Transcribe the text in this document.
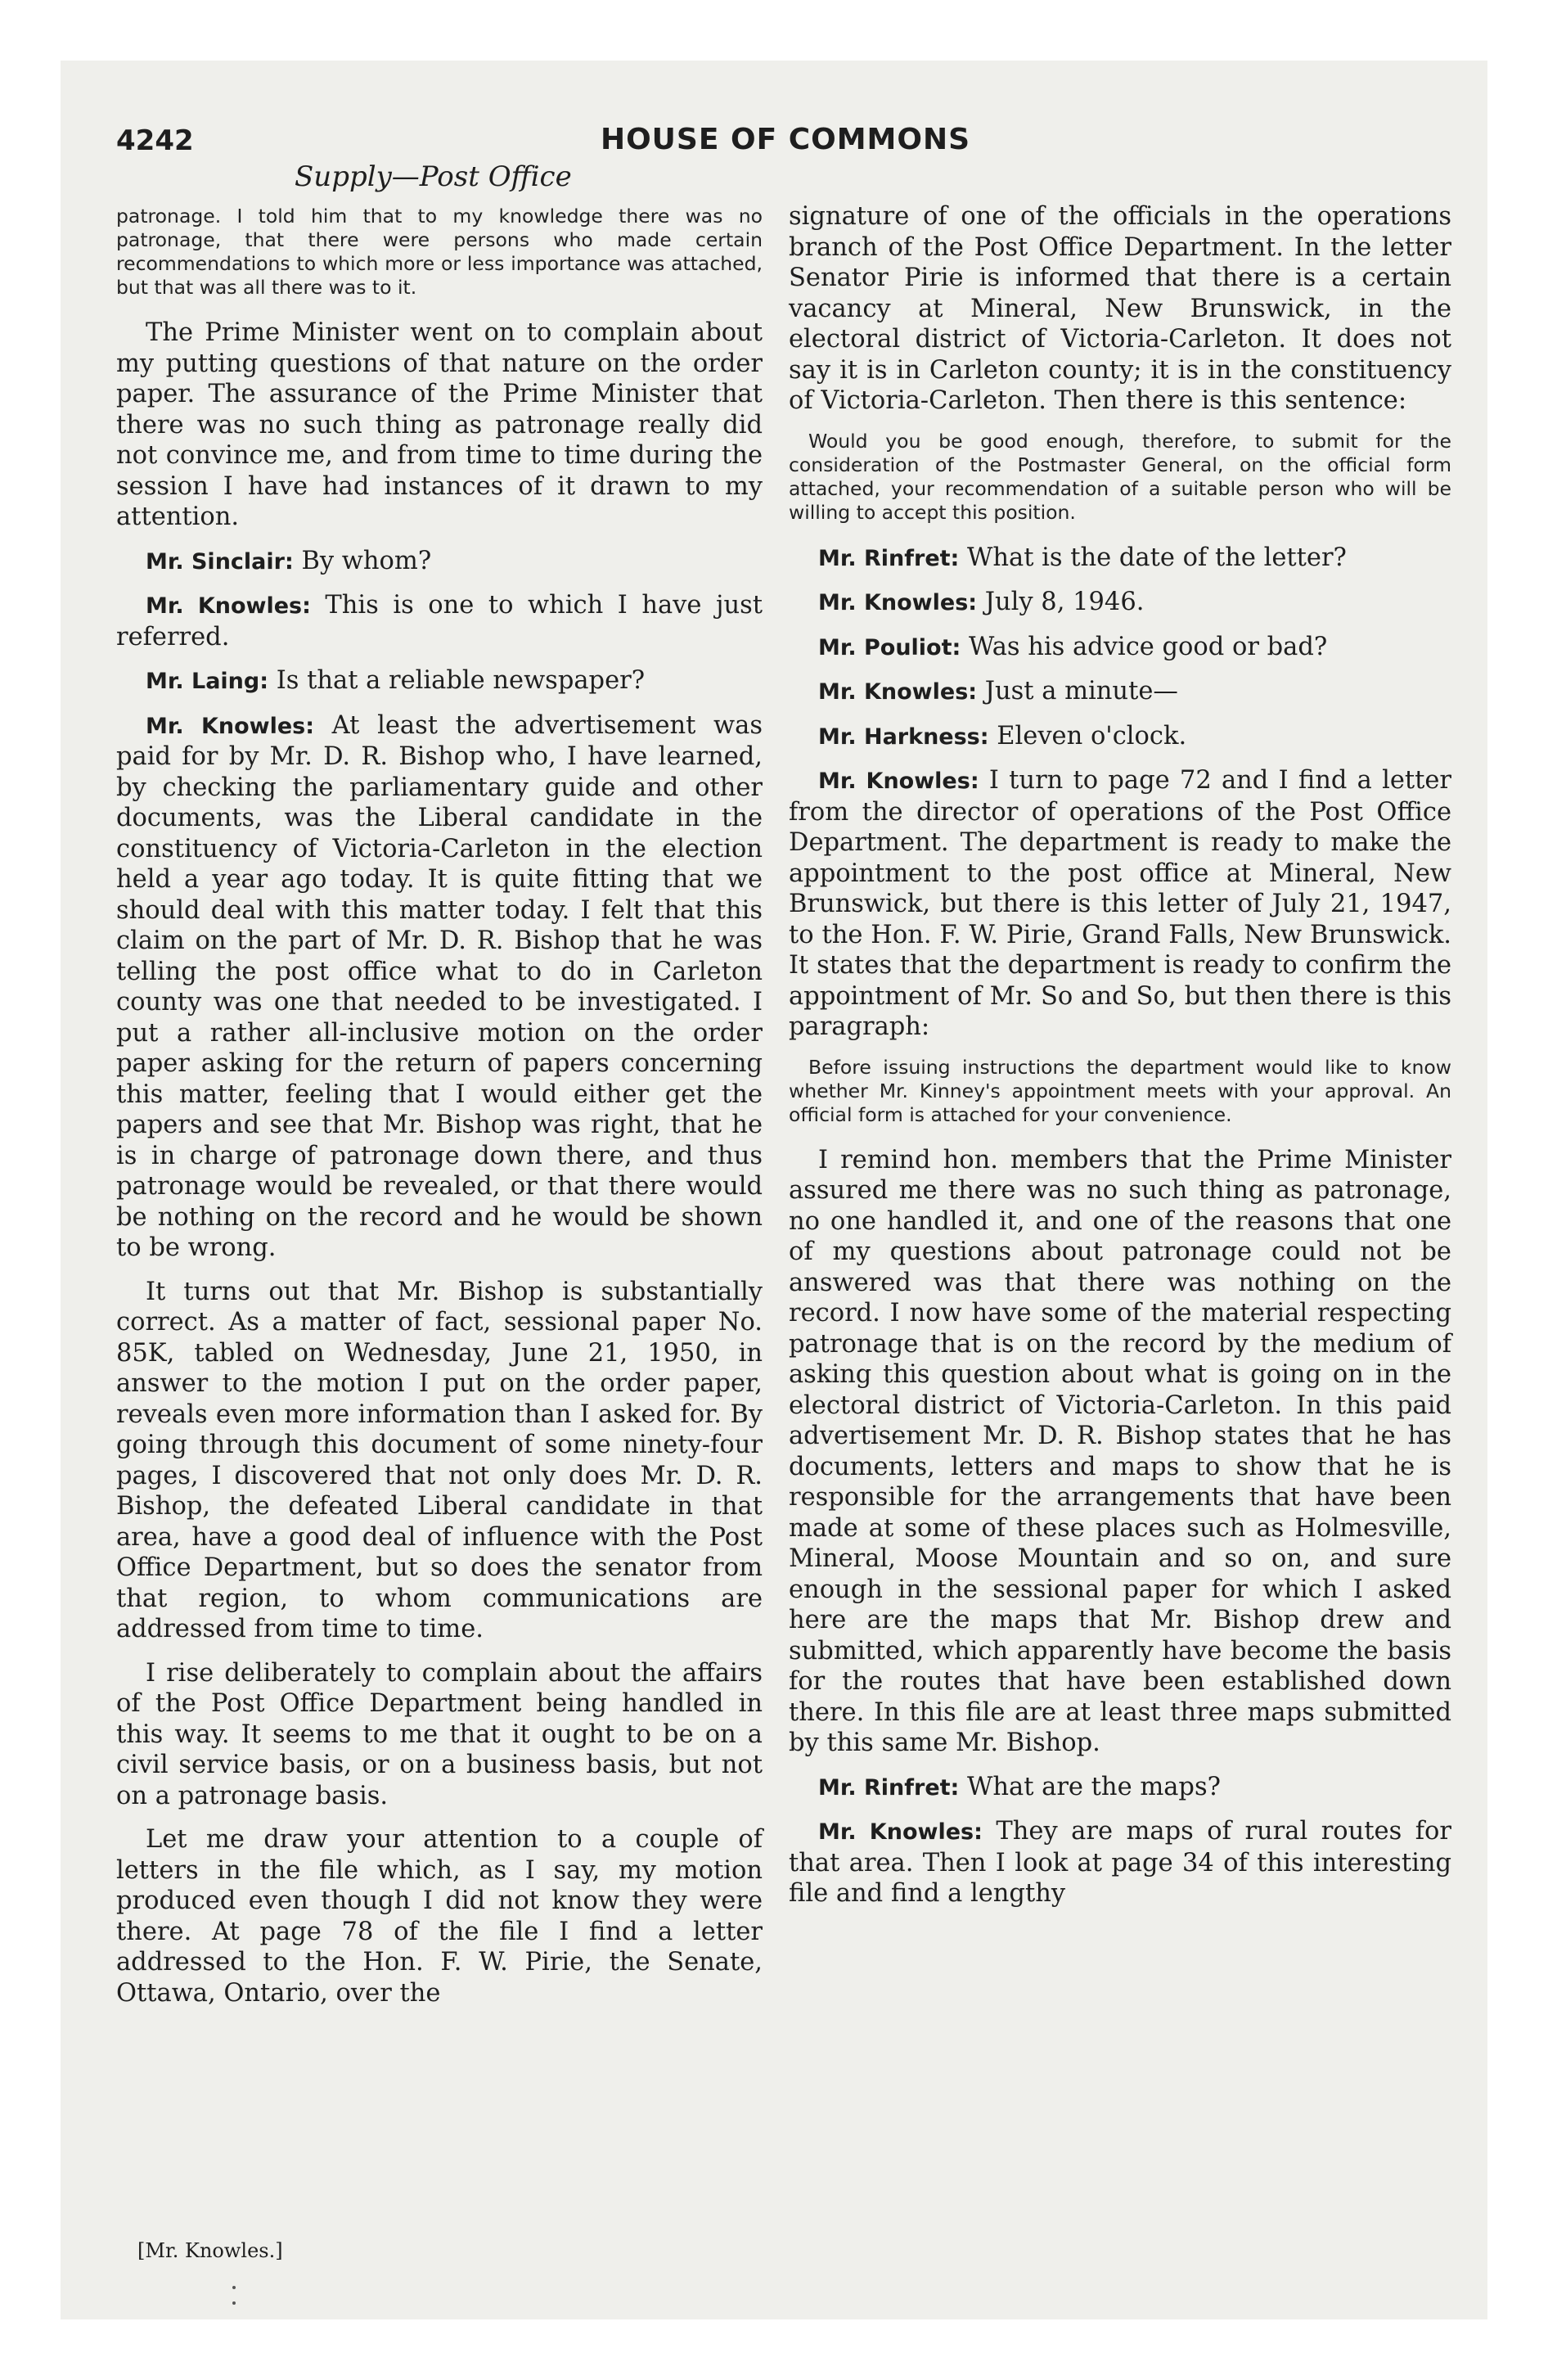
4242	HOUSE OF COMMONS

Supply—Post Office

patronage. I told him that to my knowledge there was no patronage, that there were persons who made certain recommendations to which more or less importance was attached, but that was all there was to it.

The Prime Minister went on to complain about my putting questions of that nature on the order paper. The assurance of the Prime Minister that there was no such thing as patronage really did not convince me, and from time to time during the session I have had instances of it drawn to my attention.

Mr. Sinclair: By whom?

Mr. Knowles: This is one to which I have just referred.

Mr. Laing: Is that a reliable newspaper?

Mr. Knowles: At least the advertisement was paid for by Mr. D. R. Bishop who, I have learned, by checking the parliamentary guide and other documents, was the Liberal candidate in the constituency of Victoria-Carleton in the election held a year ago today. It is quite fitting that we should deal with this matter today. I felt that this claim on the part of Mr. D. R. Bishop that he was telling the post office what to do in Carleton county was one that needed to be investigated. I put a rather all-inclusive motion on the order paper asking for the return of papers concerning this matter, feeling that I would either get the papers and see that Mr. Bishop was right, that he is in charge of patronage down there, and thus patronage would be revealed, or that there would be nothing on the record and he would be shown to be wrong.

It turns out that Mr. Bishop is substantially correct. As a matter of fact, sessional paper No. 85K, tabled on Wednesday, June 21, 1950, in answer to the motion I put on the order paper, reveals even more information than I asked for. By going through this document of some ninety-four pages, I discovered that not only does Mr. D. R. Bishop, the defeated Liberal candidate in that area, have a good deal of influence with the Post Office Department, but so does the senator from that region, to whom communications are addressed from time to time.

I rise deliberately to complain about the affairs of the Post Office Department being handled in this way. It seems to me that it ought to be on a civil service basis, or on a business basis, but not on a patronage basis.

Let me draw your attention to a couple of letters in the file which, as I say, my motion produced even though I did not know they were there. At page 78 of the file I find a letter addressed to the Hon. F. W. Pirie, the Senate, Ottawa, Ontario, over the

signature of one of the officials in the operations branch of the Post Office Department. In the letter Senator Pirie is informed that there is a certain vacancy at Mineral, New Brunswick, in the electoral district of Victoria-Carleton. It does not say it is in Carleton county; it is in the constituency of Victoria-Carleton. Then there is this sentence:

Would you be good enough, therefore, to submit for the consideration of the Postmaster General, on the official form attached, your recommendation of a suitable person who will be willing to accept this position.

Mr. Rinfret: What is the date of the letter?

Mr. Knowles: July 8, 1946.

Mr. Pouliot: Was his advice good or bad?

Mr. Knowles: Just a minute—

Mr. Harkness: Eleven o'clock.

Mr. Knowles: I turn to page 72 and I find a letter from the director of operations of the Post Office Department. The department is ready to make the appointment to the post office at Mineral, New Brunswick, but there is this letter of July 21, 1947, to the Hon. F. W. Pirie, Grand Falls, New Brunswick. It states that the department is ready to confirm the appointment of Mr. So and So, but then there is this paragraph:

Before issuing instructions the department would like to know whether Mr. Kinney's appointment meets with your approval. An official form is attached for your convenience.

I remind hon. members that the Prime Minister assured me there was no such thing as patronage, no one handled it, and one of the reasons that one of my questions about patronage could not be answered was that there was nothing on the record. I now have some of the material respecting patronage that is on the record by the medium of asking this question about what is going on in the electoral district of Victoria-Carleton. In this paid advertisement Mr. D. R. Bishop states that he has documents, letters and maps to show that he is responsible for the arrangements that have been made at some of these places such as Holmesville, Mineral, Moose Mountain and so on, and sure enough in the sessional paper for which I asked here are the maps that Mr. Bishop drew and submitted, which apparently have become the basis for the routes that have been established down there. In this file are at least three maps submitted by this same Mr. Bishop.

Mr. Rinfret: What are the maps?

Mr. Knowles: They are maps of rural routes for that area. Then I look at page 34 of this interesting file and find a lengthy

[Mr. Knowles.]
